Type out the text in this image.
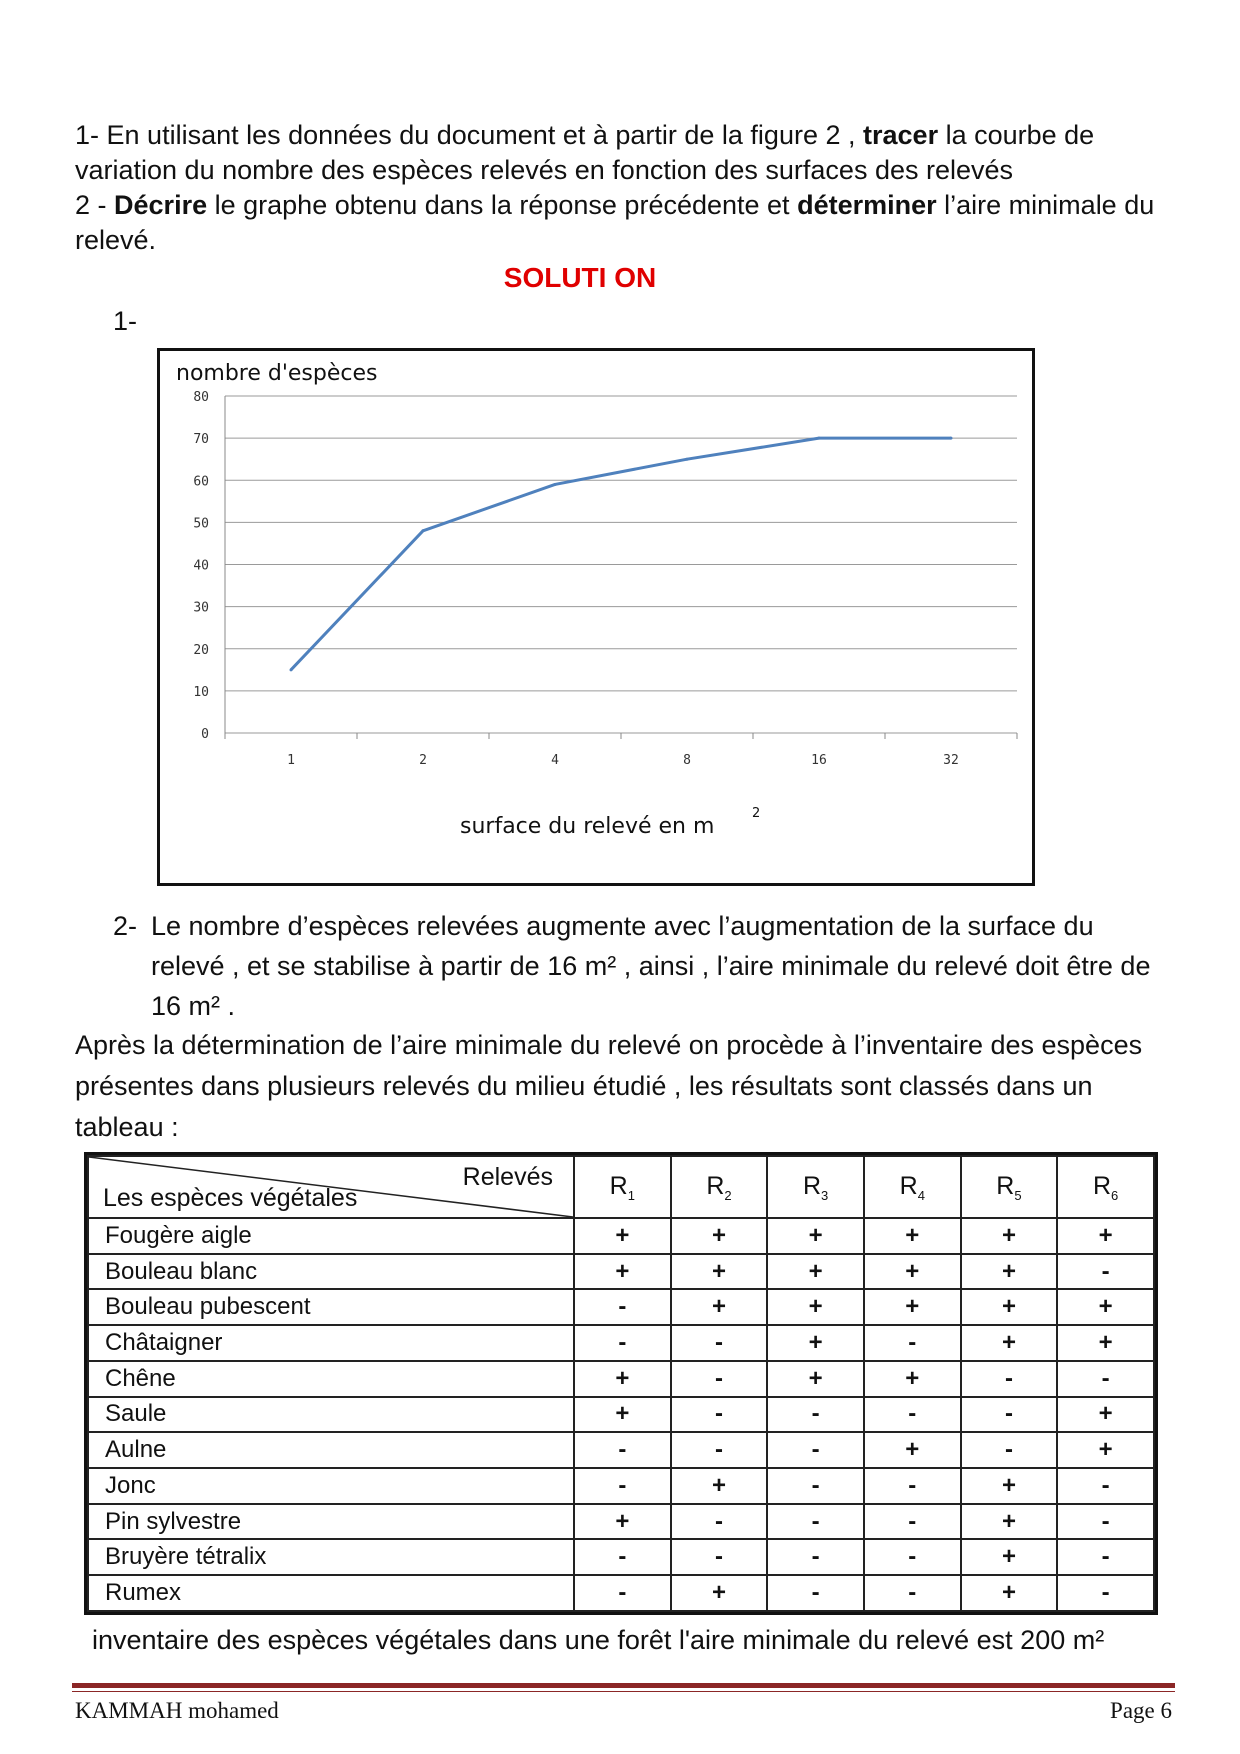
1- En utilisant les données du document et à partir de la figure 2 , tracer la courbe de variation du nombre des espèces relevés en fonction des surfaces des relevés
2 - Décrire le graphe obtenu dans la réponse précédente et déterminer l’aire minimale du relevé.
SOLUTI ON
1-
nombre d'espèces
0
10
20
30
40
50
60
70
80
1	2	4	8	16	32
surface du relevé en m
2
2- Le nombre d’espèces relevées augmente avec l’augmentation de la surface du relevé , et se stabilise à partir de 16 m² , ainsi , l’aire minimale du relevé doit être de 16 m² .
Après la détermination de l’aire minimale du relevé on procède à l’inventaire des espèces présentes dans plusieurs relevés du milieu étudié , les résultats sont classés dans un tableau :
Relevés
Les espèces végétales	$R_1$	$R_2$	$R_3$	$R_4$	$R_5$	$R_6$
Fougère aigle	+	+	+	+	+	+
Bouleau blanc	+	+	+	+	+	-
Bouleau pubescent	-	+	+	+	+	+
Châtaigner	-	-	+	-	+	+
Chêne	+	-	+	+	-	-
Saule	+	-	-	-	-	+
Aulne	-	-	-	+	-	+
Jonc	-	+	-	-	+	-
Pin sylvestre	+	-	-	-	+	-
Bruyère tétralix	-	-	-	-	+	-
Rumex	-	+	-	-	+	-
inventaire des espèces végétales dans une forêt l'aire minimale du relevé est 200 m²
KAMMAH mohamed	Page 6
